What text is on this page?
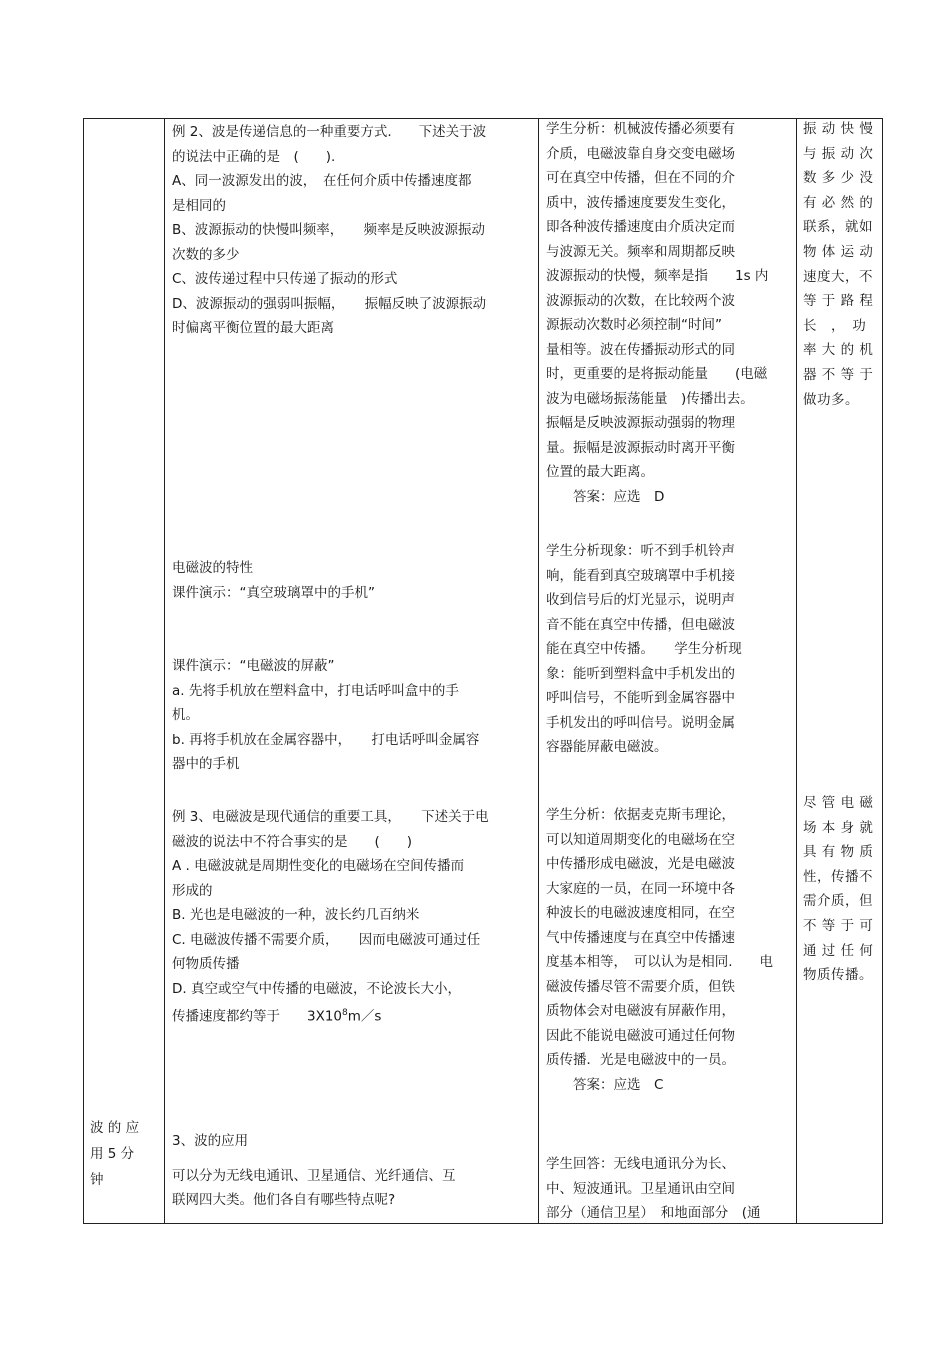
波 的 应

用 5 分

钟

例 2、波是传递信息的一种重要方式.　　下述关于波

的说法中正确的是　(　　).

A、同一波源发出的波，　在任何介质中传播速度都

是相同的

B、波源振动的快慢叫频率，　　频率是反映波源振动

次数的多少

C、波传递过程中只传递了振动的形式

D、波源振动的强弱叫振幅，　　振幅反映了波源振动

时偏离平衡位置的最大距离

电磁波的特性

课件演示：“真空玻璃罩中的手机”

课件演示：“电磁波的屏蔽”

a. 先将手机放在塑料盒中，打电话呼叫盒中的手

机。

b. 再将手机放在金属容器中，　　打电话呼叫金属容

器中的手机

例 3、电磁波是现代通信的重要工具，　　下述关于电

磁波的说法中不符合事实的是　　(　　)

A . 电磁波就是周期性变化的电磁场在空间传播而

形成的

B. 光也是电磁波的一种，波长约几百纳米

C. 电磁波传播不需要介质，　　因而电磁波可通过任

何物质传播

D. 真空或空气中传播的电磁波，不论波长大小，

传播速度都约等于　　$3X10^8m/s$

3、波的应用

可以分为无线电通讯、卫星通信、光纤通信、互

联网四大类。他们各自有哪些特点呢?

学生分析：机械波传播必须要有

介质，电磁波靠自身交变电磁场

可在真空中传播，但在不同的介

质中，波传播速度要发生变化，

即各种波传播速度由介质决定而

与波源无关。频率和周期都反映

波源振动的快慢，频率是指　　1s 内

波源振动的次数，在比较两个波

源振动次数时必须控制“时间”

量相等。波在传播振动形式的同

时，更重要的是将振动能量　　(电磁

波为电磁场振荡能量　)传播出去。

振幅是反映波源振动强弱的物理

量。振幅是波源振动时离开平衡

位置的最大距离。

　　答案：应选　D

学生分析现象：听不到手机铃声

响，能看到真空玻璃罩中手机接

收到信号后的灯光显示，说明声

音不能在真空中传播，但电磁波

能在真空中传播。　　学生分析现

象：能听到塑料盒中手机发出的

呼叫信号，不能听到金属容器中

手机发出的呼叫信号。说明金属

容器能屏蔽电磁波。

学生分析：依据麦克斯韦理论，

可以知道周期变化的电磁场在空

中传播形成电磁波，光是电磁波

大家庭的一员，在同一环境中各

种波长的电磁波速度相同，在空

气中传播速度与在真空中传播速

度基本相等，　可以认为是相同.　　电

磁波传播尽管不需要介质，但铁

质物体会对电磁波有屏蔽作用，

因此不能说电磁波可通过任何物

质传播．光是电磁波中的一员。

　　答案：应选　C

学生回答：无线电通讯分为长、

中、短波通讯。卫星通讯由空间

部分（通信卫星）　和地面部分　(通

振 动 快 慢

与 振 动 次

数 多 少 没

有 必 然 的

联系，就如

物 体 运 动

速度大，不

等 于 路 程

长　，　功

率 大 的 机

器 不 等 于

做功多。

尽 管 电 磁

场 本 身 就

具 有 物 质

性，传播不

需介质，但

不 等 于 可

通 过 任 何

物质传播。
